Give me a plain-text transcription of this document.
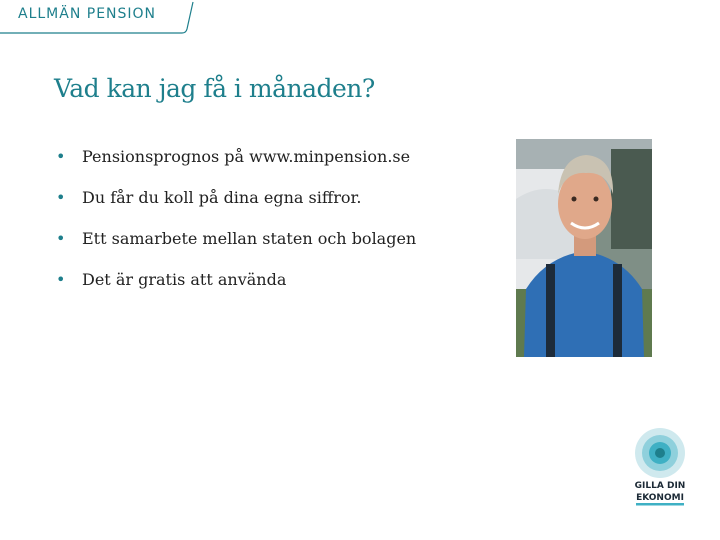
ALLMÄN PENSION
Vad kan jag få i månaden?
•	Pensionsprognos på www.minpension.se
•	Du får du koll på dina egna siffror.
•	Ett samarbete mellan staten och bolagen
•	Det är gratis att använda
GILLA DIN
EKONOMI
